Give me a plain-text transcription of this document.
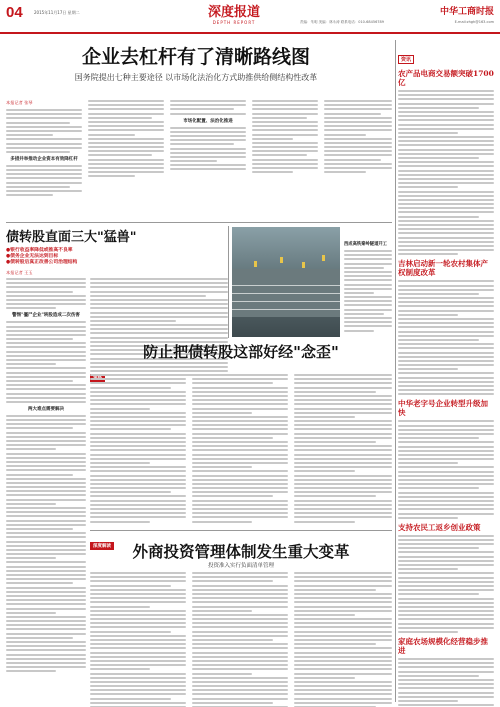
04	2015年11月17日 星期二	深度报道
DEPTH REPORT	责编：朱明 美编：林永涛 联系电话：010-68456789
中华工商时报
E-mail:zhgh@163.com
企业去杠杆有了清晰路线图
国务院提出七种主要途径 以市场化法治化方式助推供给侧结构性改革
本报记者 张琴
多措并举推动企业资本有效降杠杆
市场化配置、法治化推进
债转股直面三大"猛兽"
●银行收益率降低或推高不良率
●债务企业无法达到目标
●债转股后真正改善公司治理结构
本报记者 王玉
警惕"僵尸企业"转股造成二次伤害
两大难点需要解决
西成高铁秦岭隧道开工
防止把债转股这部好经"念歪"
深度解读	外商投资管理体制发生重大变革
投资准入实行负面清单管理
资讯
农产品电商交易额突破1700亿
吉林启动新一轮农村集体产权制度改革
中华老字号企业转型升级加快
支持农民工返乡创业政策
家庭农场规模化经营稳步推进
